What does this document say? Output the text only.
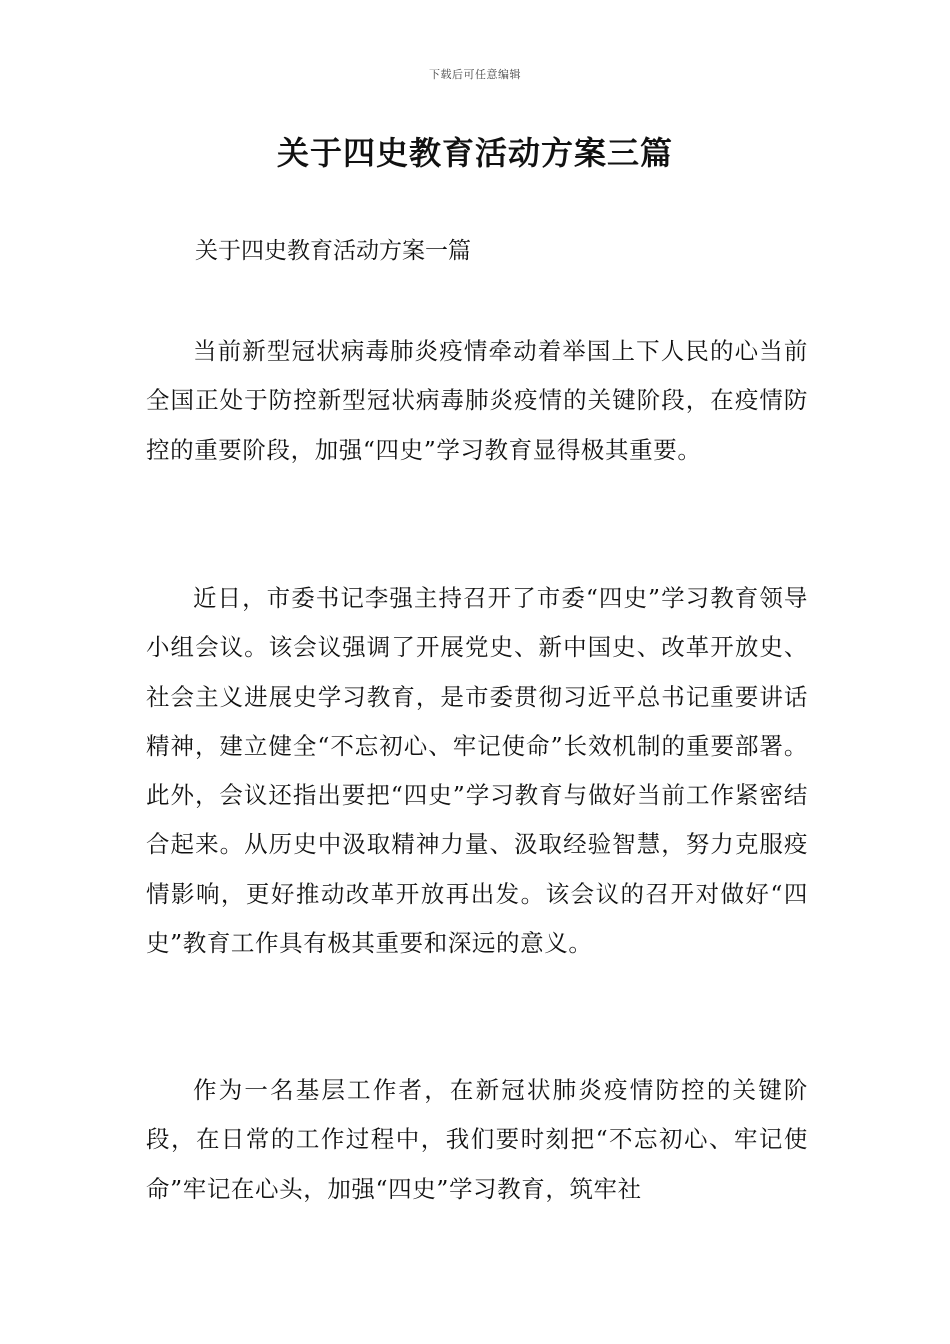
下载后可任意编辑
关于四史教育活动方案三篇
关于四史教育活动方案一篇

当前新型冠状病毒肺炎疫情牵动着举国上下人民的心当前全国正处于防控新型冠状病毒肺炎疫情的关键阶段，在疫情防控的重要阶段，加强“四史”学习教育显得极其重要。

近日，市委书记李强主持召开了市委“四史”学习教育领导小组会议。该会议强调了开展党史、新中国史、改革开放史、社会主义进展史学习教育，是市委贯彻习近平总书记重要讲话精神，建立健全“不忘初心、牢记使命”长效机制的重要部署。此外，会议还指出要把“四史”学习教育与做好当前工作紧密结合起来。从历史中汲取精神力量、汲取经验智慧，努力克服疫情影响，更好推动改革开放再出发。该会议的召开对做好“四史”教育工作具有极其重要和深远的意义。

作为一名基层工作者，在新冠状肺炎疫情防控的关键阶段，在日常的工作过程中，我们要时刻把“不忘初心、牢记使命”牢记在心头，加强“四史”学习教育，筑牢社
